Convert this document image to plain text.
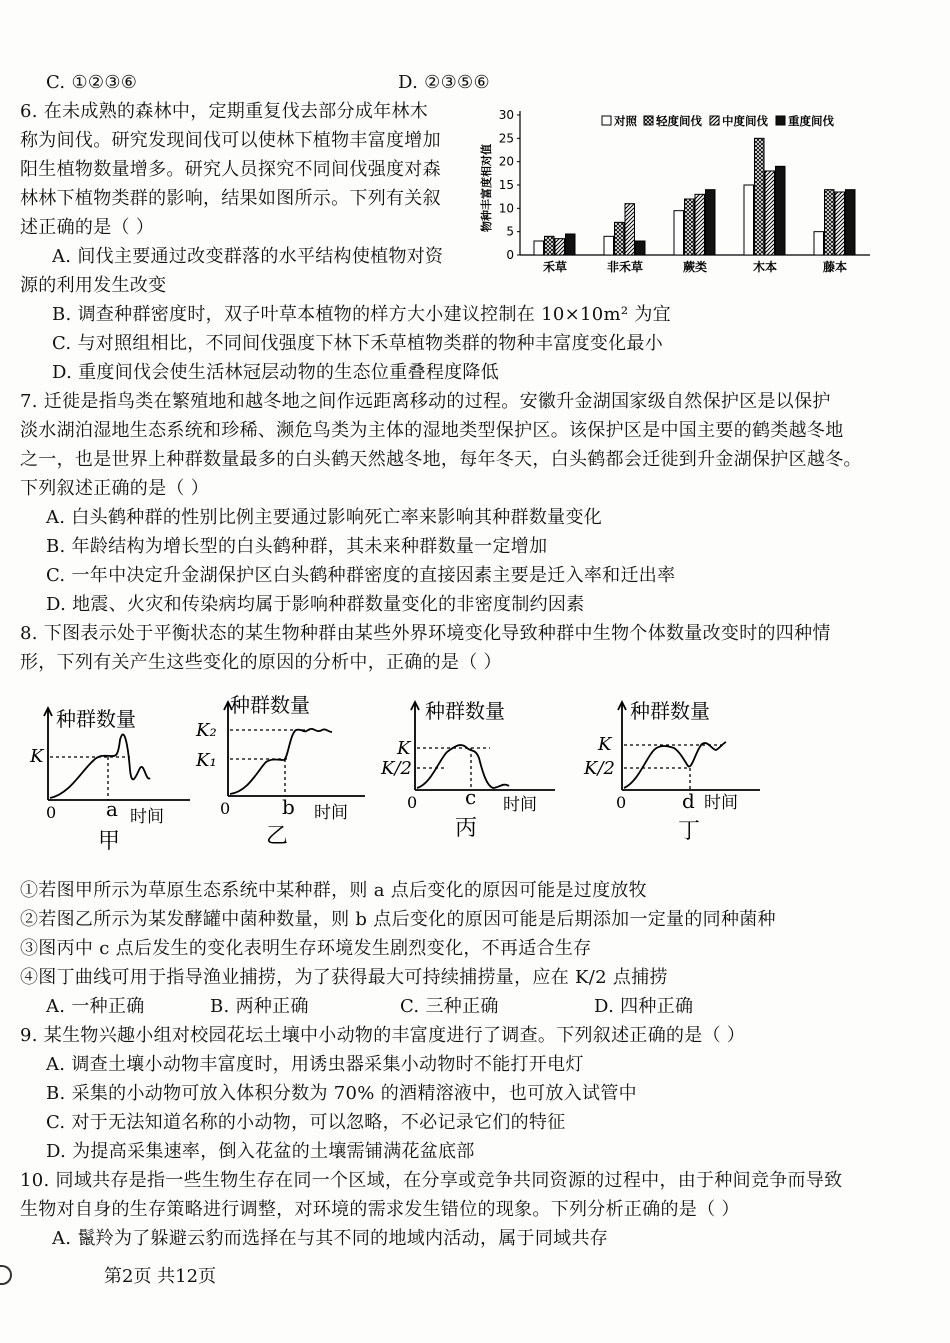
C. ①②③⑥	D. ②③⑤⑥
6. 在未成熟的森林中，定期重复伐去部分成年林木
称为间伐。研究发现间伐可以使林下植物丰富度增加
阳生植物数量增多。研究人员探究不同间伐强度对森
林林下植物类群的影响，结果如图所示。下列有关叙
述正确的是（ ）
A. 间伐主要通过改变群落的水平结构使植物对资
源的利用发生改变
B. 调查种群密度时，双子叶草本植物的样方大小建议控制在 10×10m² 为宜
C. 与对照组相比，不同间伐强度下林下禾草植物类群的物种丰富度变化最小
D. 重度间伐会使生活林冠层动物的生态位重叠程度降低
7. 迁徙是指鸟类在繁殖地和越冬地之间作远距离移动的过程。安徽升金湖国家级自然保护区是以保护
淡水湖泊湿地生态系统和珍稀、濒危鸟类为主体的湿地类型保护区。该保护区是中国主要的鹤类越冬地
之一，也是世界上种群数量最多的白头鹤天然越冬地，每年冬天，白头鹤都会迁徙到升金湖保护区越冬。
下列叙述正确的是（ ）
A. 白头鹤种群的性别比例主要通过影响死亡率来影响其种群数量变化
B. 年龄结构为增长型的白头鹤种群，其未来种群数量一定增加
C. 一年中决定升金湖保护区白头鹤种群密度的直接因素主要是迁入率和迁出率
D. 地震、火灾和传染病均属于影响种群数量变化的非密度制约因素
8. 下图表示处于平衡状态的某生物种群由某些外界环境变化导致种群中生物个体数量改变时的四种情
形，下列有关产生这些变化的原因的分析中，正确的是（ ）
①若图甲所示为草原生态系统中某种群，则 a 点后变化的原因可能是过度放牧
②若图乙所示为某发酵罐中菌种数量，则 b 点后变化的原因可能是后期添加一定量的同种菌种
③图丙中 c 点后发生的变化表明生存环境发生剧烈变化，不再适合生存
④图丁曲线可用于指导渔业捕捞，为了获得最大可持续捕捞量，应在 K/2 点捕捞
A. 一种正确	B. 两种正确	C. 三种正确	D. 四种正确
9. 某生物兴趣小组对校园花坛土壤中小动物的丰富度进行了调查。下列叙述正确的是（ ）
A. 调查土壤小动物丰富度时，用诱虫器采集小动物时不能打开电灯
B. 采集的小动物可放入体积分数为 70% 的酒精溶液中，也可放入试管中
C. 对于无法知道名称的小动物，可以忽略，不必记录它们的特征
D. 为提高采集速率，倒入花盆的土壤需铺满花盆底部
10. 同域共存是指一些生物生存在同一个区域，在分享或竞争共同资源的过程中，由于种间竞争而导致
生物对自身的生存策略进行调整，对环境的需求发生错位的现象。下列分析正确的是（ ）
A. 鬣羚为了躲避云豹而选择在与其不同的地域内活动，属于同域共存
第2页 共12页
物种丰富度相对值
0
5
10
15
20
25
30	对照 轻度间伐 中度间伐 重度间伐
禾草	非禾草	蕨类	木本	藤本
种群数量
K
0 a 时间
甲
种群数量
K₂
K₁
0	b 时间
乙
种群数量
K
K/2
0 c 时间
丙
种群数量
K
K/2
0	d 时间
丁
